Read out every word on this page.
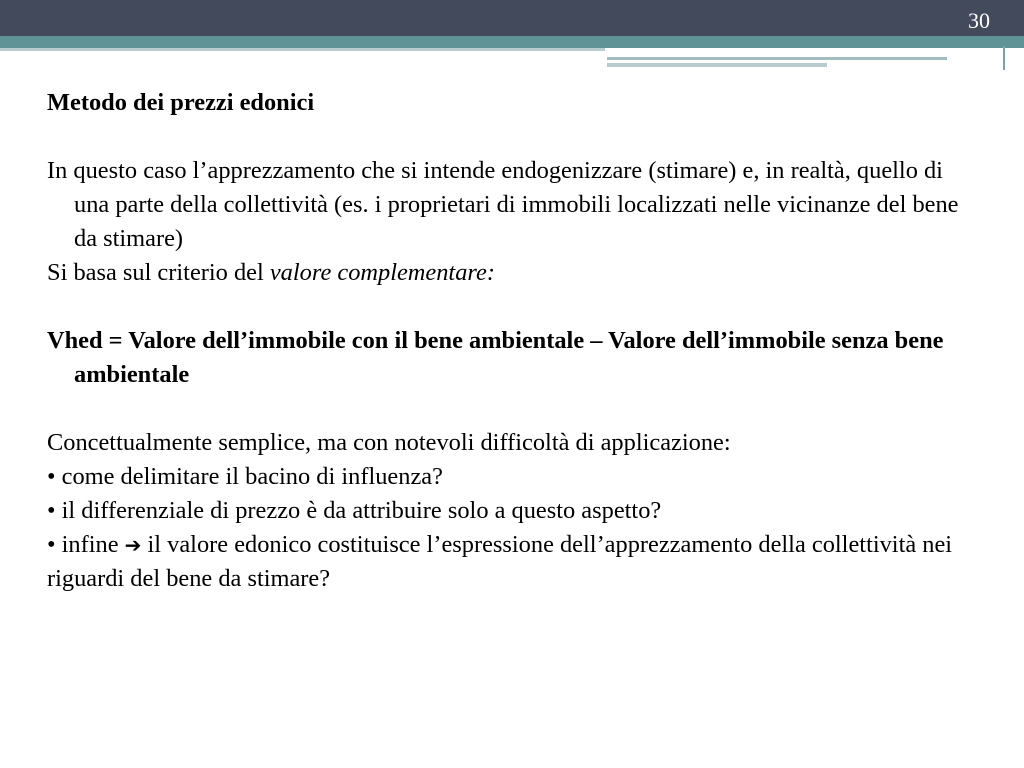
30

Metodo dei prezzi edonici

In questo caso l’apprezzamento che si intende endogenizzare (stimare) e, in realtà, quello di una parte della collettività (es. i proprietari di immobili localizzati nelle vicinanze del bene da stimare)

Si basa sul criterio del valore complementare:

Vhed = Valore dell’immobile con il bene ambientale – Valore dell’immobile senza bene ambientale

Concettualmente semplice, ma con notevoli difficoltà di applicazione:

• come delimitare il bacino di influenza?

• il differenziale di prezzo è da attribuire solo a questo aspetto?

• infine ➔ il valore edonico costituisce l’espressione dell’apprezzamento della collettività nei riguardi del bene da stimare?
